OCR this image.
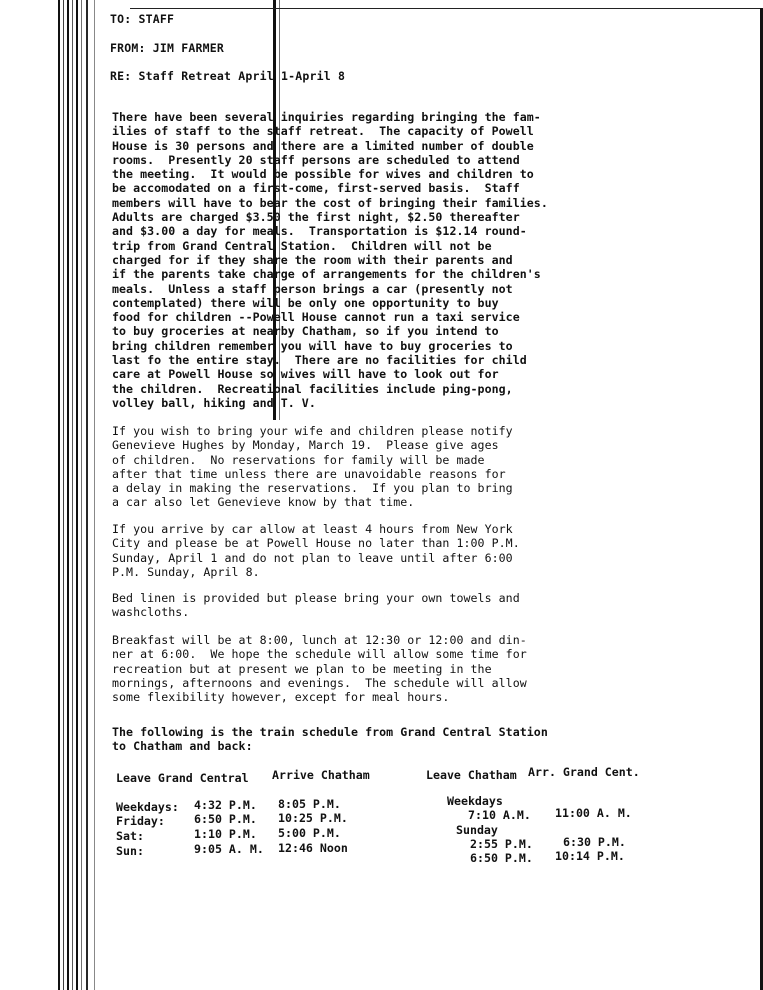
TO: STAFF
FROM: JIM FARMER
RE: Staff Retreat April 1-April 8
There have been several inquiries regarding bringing the fam-
ilies of staff to the staff retreat.  The capacity of Powell
House is 30 persons and there are a limited number of double
rooms.  Presently 20 staff persons are scheduled to attend
the meeting.  It would be possible for wives and children to
be accomodated on a first-come, first-served basis.  Staff
members will have to bear the cost of bringing their families.
Adults are charged $3.50 the first night, $2.50 thereafter
and $3.00 a day for meals.  Transportation is $12.14 round-
trip from Grand Central Station.  Children will not be
charged for if they share the room with their parents and
if the parents take charge of arrangements for the children's
meals.  Unless a staff person brings a car (presently not
contemplated) there will be only one opportunity to buy
food for children --Powell House cannot run a taxi service
to buy groceries at nearby Chatham, so if you intend to
bring children remember you will have to buy groceries to
last fo the entire stay.  There are no facilities for child
care at Powell House so wives will have to look out for
the children.  Recreational facilities include ping-pong,
volley ball, hiking and T. V.
If you wish to bring your wife and children please notify
Genevieve Hughes by Monday, March 19.  Please give ages
of children.  No reservations for family will be made
after that time unless there are unavoidable reasons for
a delay in making the reservations.  If you plan to bring
a car also let Genevieve know by that time.
If you arrive by car allow at least 4 hours from New York
City and please be at Powell House no later than 1:00 P.M.
Sunday, April 1 and do not plan to leave until after 6:00
P.M. Sunday, April 8.
Bed linen is provided but please bring your own towels and
washcloths.
Breakfast will be at 8:00, lunch at 12:30 or 12:00 and din-
ner at 6:00.  We hope the schedule will allow some time for
recreation but at present we plan to be meeting in the
mornings, afternoons and evenings.  The schedule will allow
some flexibility however, except for meal hours.
The following is the train schedule from Grand Central Station
to Chatham and back:
Leave Grand Central Arrive Chatham
Weekdays: 4:32 P.M. 8:05 P.M.
Friday:	6:50 P.M. 10:25 P.M.
Sat:	1:10 P.M. 5:00 P.M.
Sun:	9:05 A. M. 12:46 Noon
Leave Chatham Arr. Grand Cent.
Weekdays
7:10 A.M. 11:00 A. M.
Sunday
2:55 P.M.	6:30 P.M.
6:50 P.M. 10:14 P.M.
